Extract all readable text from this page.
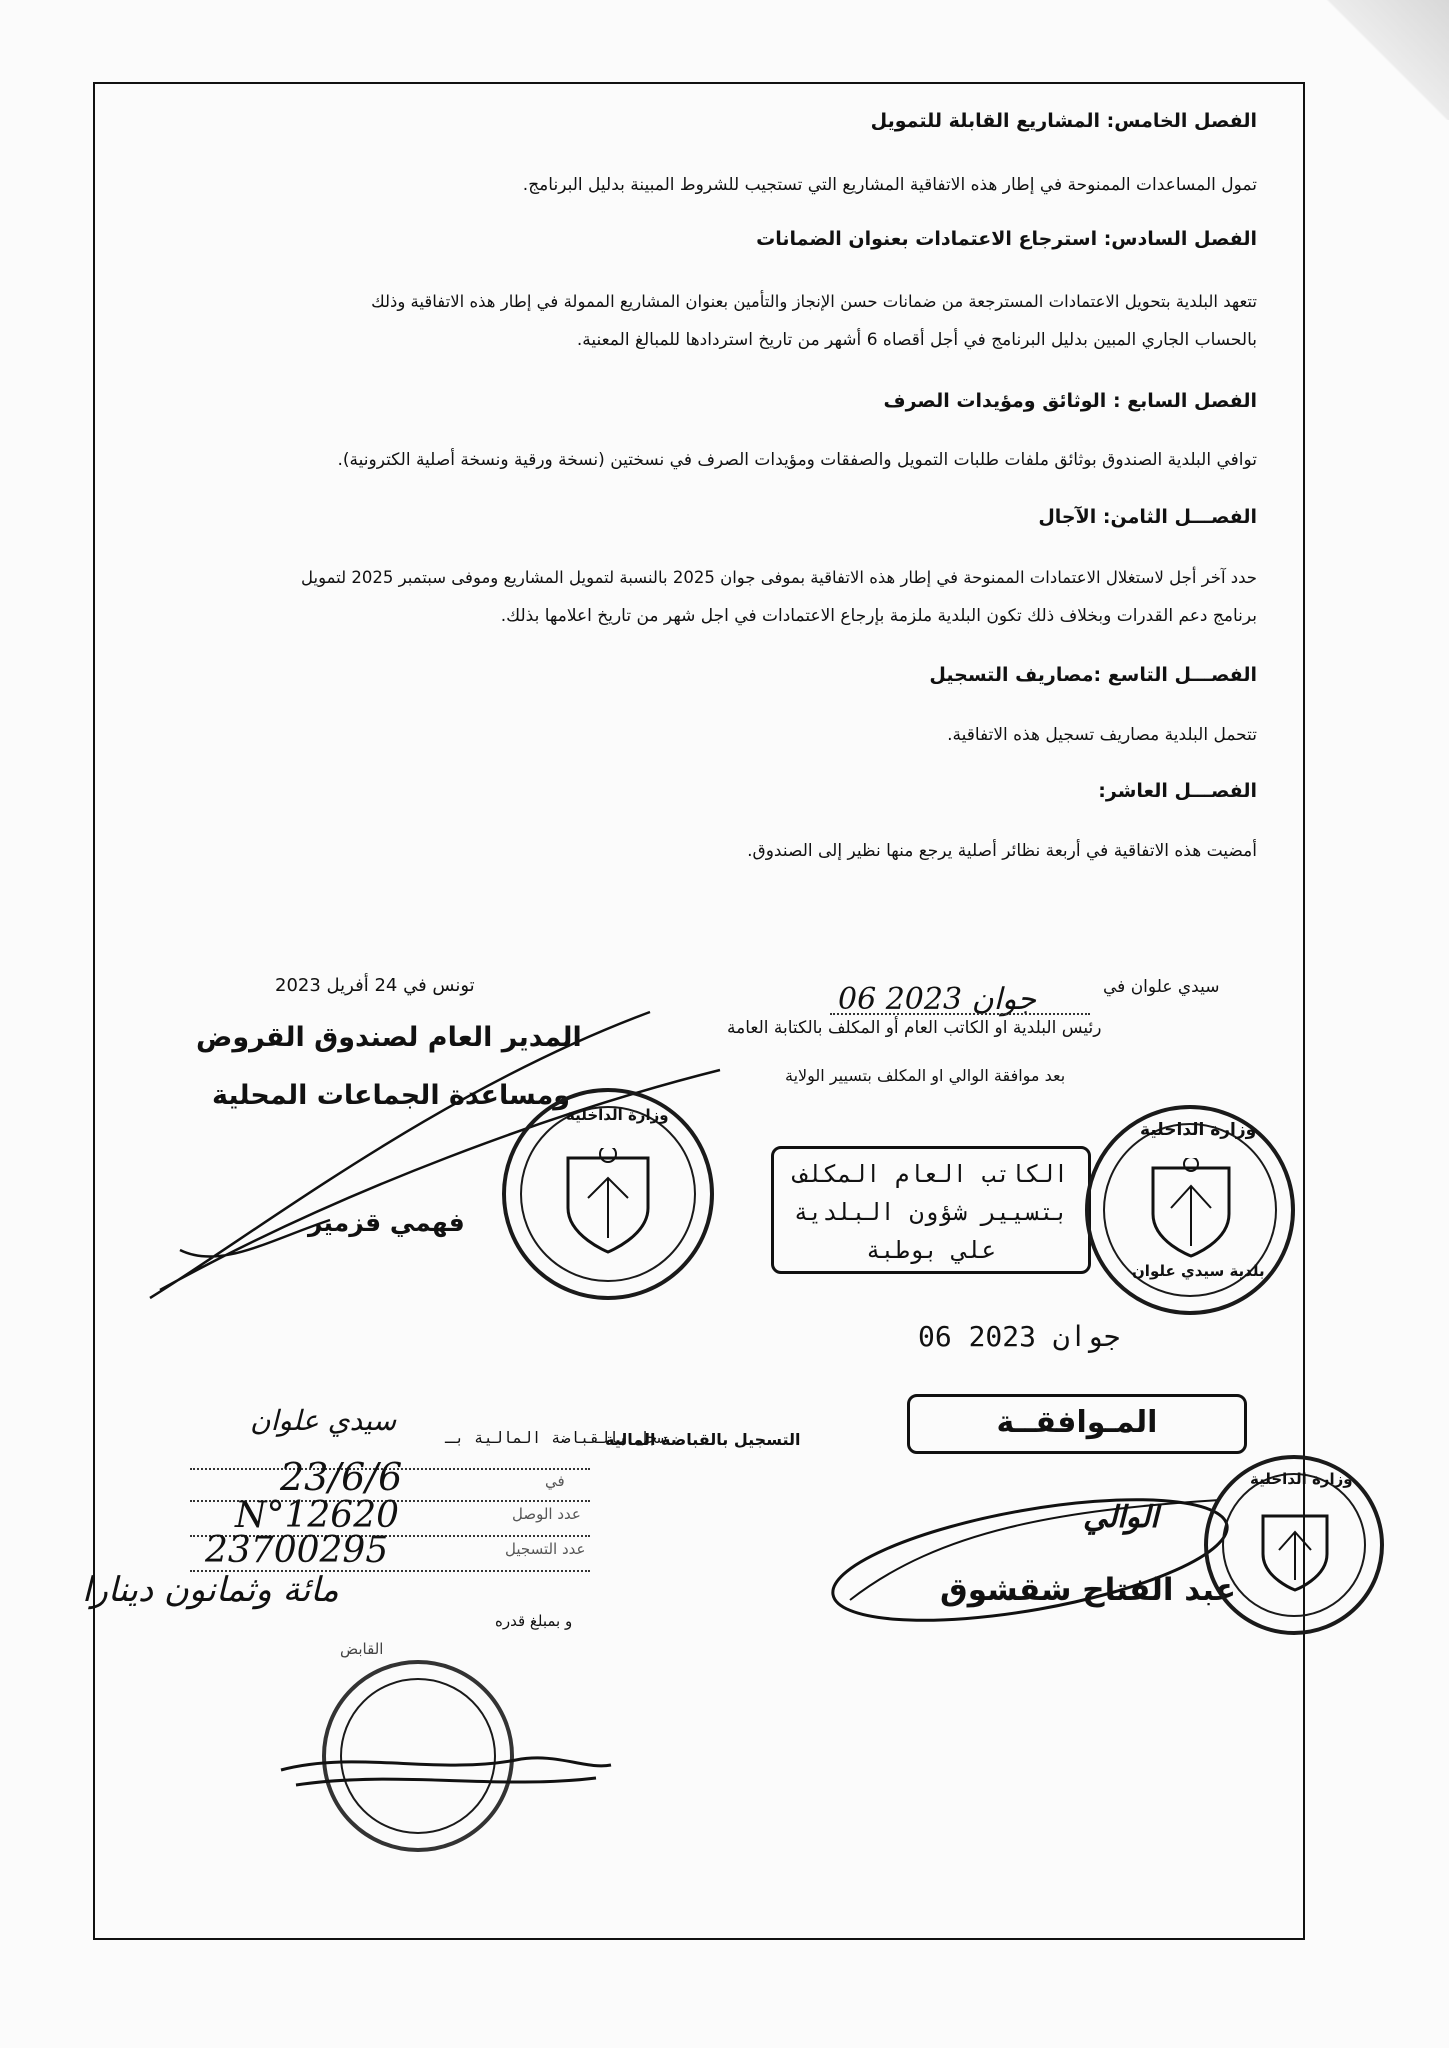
الفصل الخامس: المشاريع القابلة للتمويل
تمول المساعدات الممنوحة في إطار هذه الاتفاقية المشاريع التي تستجيب للشروط المبينة بدليل البرنامج.
الفصل السادس: استرجاع الاعتمادات بعنوان الضمانات
تتعهد البلدية بتحويل الاعتمادات المسترجعة من ضمانات حسن الإنجاز والتأمين بعنوان المشاريع الممولة في إطار هذه الاتفاقية وذلك
بالحساب الجاري المبين بدليل البرنامج في أجل أقصاه 6 أشهر من تاريخ استردادها للمبالغ المعنية.
الفصل السابع : الوثائق ومؤيدات الصرف
توافي البلدية الصندوق بوثائق ملفات طلبات التمويل والصفقات ومؤيدات الصرف في نسختين (نسخة ورقية ونسخة أصلية الكترونية).
الفصـــل الثامن: الآجال
حدد آخر أجل لاستغلال الاعتمادات الممنوحة في إطار هذه الاتفاقية بموفى جوان 2025 بالنسبة لتمويل المشاريع وموفى سبتمبر 2025 لتمويل
برنامج دعم القدرات وبخلاف ذلك تكون البلدية ملزمة بإرجاع الاعتمادات في اجل شهر من تاريخ اعلامها بذلك.
الفصـــل التاسع :مصاريف التسجيل
تتحمل البلدية مصاريف تسجيل هذه الاتفاقية.
الفصـــل العاشر:
أمضيت هذه الاتفاقية في أربعة نظائر أصلية يرجع منها نظير إلى الصندوق.
تونس في 24 أفريل 2023
المدير العام لصندوق القروض
ومساعدة الجماعات المحلية
فهمي قزمير
وزارة الداخلية
سيدي علوان في
06 جوان 2023
رئيس البلدية او الكاتب العام أو المكلف بالكتابة العامة
بعد موافقة الوالي او المكلف بتسيير الولاية
الكاتب العام المكلف
بتسيير شؤون البلدية
علي بوطبة
وزارة الداخلية
بلدية سيدي علوان
06 جوان 2023
المـوافقــة
الوالي
عبد الفتاح شقشوق
وزارة الداخلية
التسجيل بالقباضة المالية
سجل بالقباضة المالية بـ
سيدي علوان
في
23/6/6
عدد الوصل
N°12620
عدد التسجيل
23700295
و بمبلغ قدره
مائة وثمانون دينارا
القابض
